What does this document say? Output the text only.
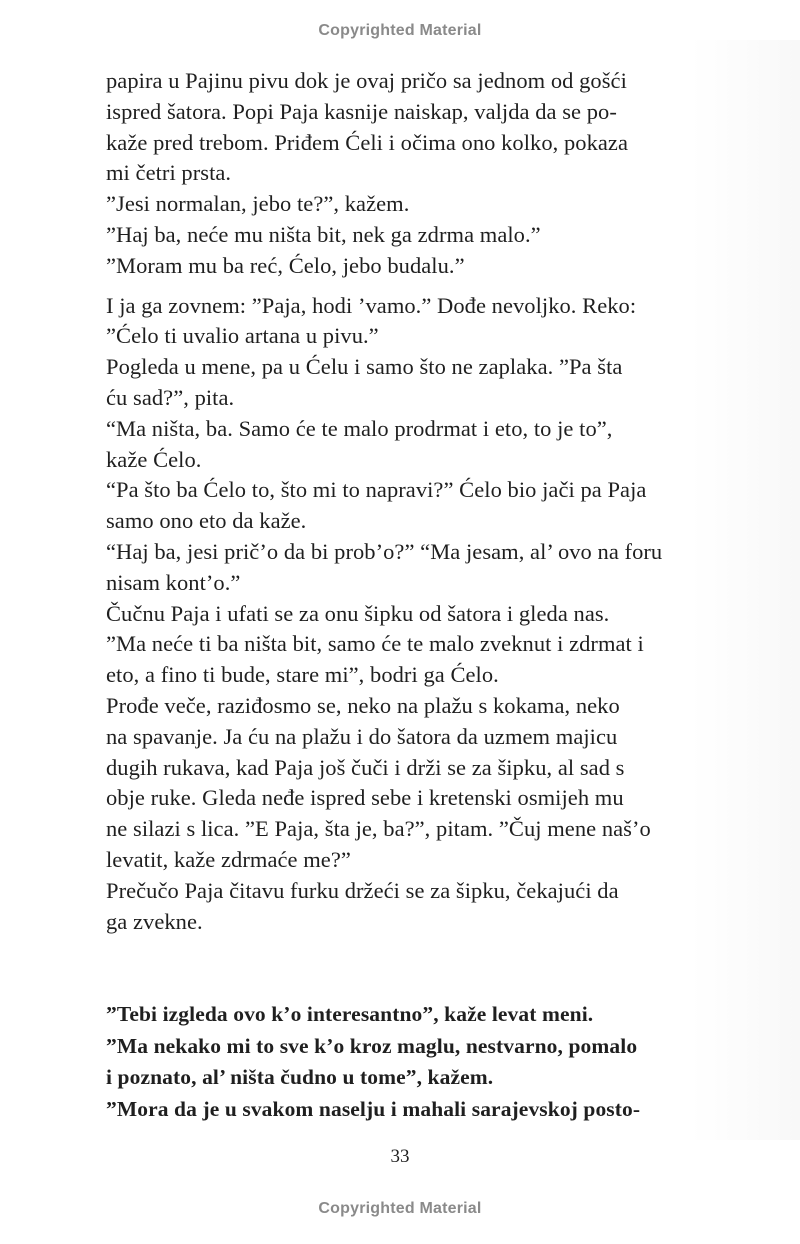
Copyrighted Material
papira u Pajinu pivu dok je ovaj pričo sa jednom od gošći
ispred šatora. Popi Paja kasnije naiskap, valjda da se po-
kaže pred trebom. Priđem Ćeli i očima ono kolko, pokaza
mi četri prsta.
”Jesi normalan, jebo te?”, kažem.
”Haj ba, neće mu ništa bit, nek ga zdrma malo.”
”Moram mu ba reć, Ćelo, jebo budalu.”
I ja ga zovnem: ”Paja, hodi ’vamo.” Dođe nevoljko. Reko:
”Ćelo ti uvalio artana u pivu.”
Pogleda u mene, pa u Ćelu i samo što ne zaplaka. ”Pa šta
ću sad?”, pita.
“Ma ništa, ba. Samo će te malo prodrmat i eto, to je to”,
kaže Ćelo.
“Pa što ba Ćelo to, što mi to napravi?” Ćelo bio jači pa Paja
samo ono eto da kaže.
“Haj ba, jesi prič’o da bi prob’o?” “Ma jesam, al’ ovo na foru
nisam kont’o.”
Čučnu Paja i ufati se za onu šipku od šatora i gleda nas.
”Ma neće ti ba ništa bit, samo će te malo zveknut i zdrmat i
eto, a fino ti bude, stare mi”, bodri ga Ćelo.
Prođe veče, raziđosmo se, neko na plažu s kokama, neko
na spavanje. Ja ću na plažu i do šatora da uzmem majicu
dugih rukava, kad Paja još čuči i drži se za šipku, al sad s
obje ruke. Gleda neđe ispred sebe i kretenski osmijeh mu
ne silazi s lica. ”E Paja, šta je, ba?”, pitam. ”Čuj mene naš’o
levatit, kaže zdrmaće me?”
Prečučo Paja čitavu furku držeći se za šipku, čekajući da
ga zvekne.
”Tebi izgleda ovo k’o interesantno”, kaže levat meni.
”Ma nekako mi to sve k’o kroz maglu, nestvarno, pomalo
i poznato, al’ ništa čudno u tome”, kažem.
”Mora da je u svakom naselju i mahali sarajevskoj posto-
33
Copyrighted Material
